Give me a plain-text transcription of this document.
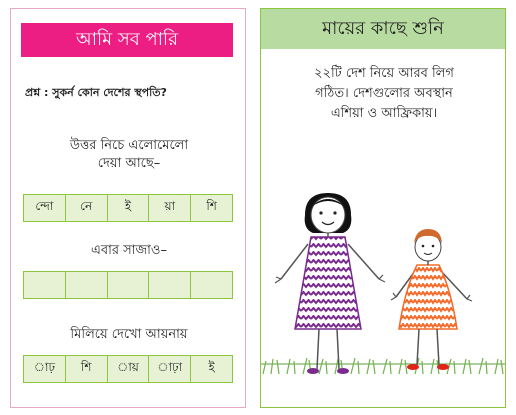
আমি সব পারি
প্রশ্ন : সুকর্ন কোন দেশের স্থপতি?
উত্তর নিচে এলোমেলো
দেয়া আছে–
ন্দো	নে	ই	য়া	শি
এবার সাজাও–
মিলিয়ে দেখো আয়নায়
াঢ়	শি	ায়	াঢ়া	ই
মায়ের কাছে শুনি
২২টি দেশ নিয়ে আরব লিগ
গঠিত। দেশগুলোর অবস্থান
এশিয়া ও আফ্রিকায়।
